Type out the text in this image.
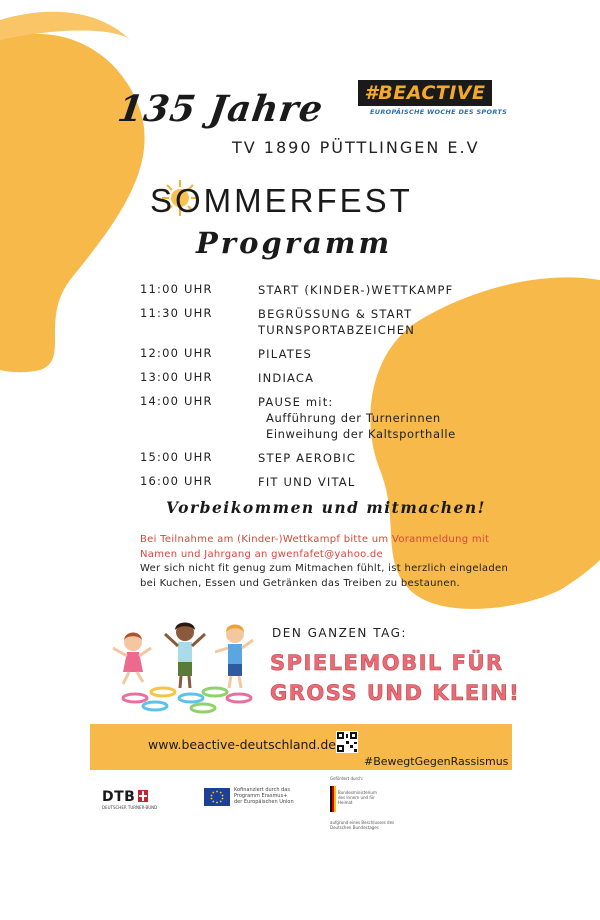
135 Jahre
TV 1890 PÜTTLINGEN E.V
#BEACTIVE
EUROPÄISCHE WOCHE DES SPORTS
SOMMERFEST
Programm
11:00 UHR	START (KINDER-)WETTKAMPF
11:30 UHR	BEGRÜSSUNG & START
TURNSPORTABZEICHEN
12:00 UHR	PILATES
13:00 UHR	INDIACA
14:00 UHR	PAUSE mit:
Aufführung der Turnerinnen
Einweihung der Kaltsporthalle
15:00 UHR	STEP AEROBIC
16:00 UHR	FIT UND VITAL
Vorbeikommen und mitmachen!
Bei Teilnahme am (Kinder-)Wettkampf bitte um Voranmeldung mit Namen und Jahrgang an gwenfafet@yahoo.de
Wer sich nicht fit genug zum Mitmachen fühlt, ist herzlich eingeladen bei Kuchen, Essen und Getränken das Treiben zu bestaunen.
DEN GANZEN TAG:
SPIELEMOBIL FÜR
GROSS UND KLEIN!
www.beactive-deutschland.de
#BewegtGegenRassismus
DTB
DEUTSCHER TURNER-BUND
Kofinanziert durch das Programm Erasmus+ der Europäischen Union
Gefördert durch:
Bundesministerium des Innern und für Heimat
aufgrund eines Beschlusses des Deutschen Bundestages
